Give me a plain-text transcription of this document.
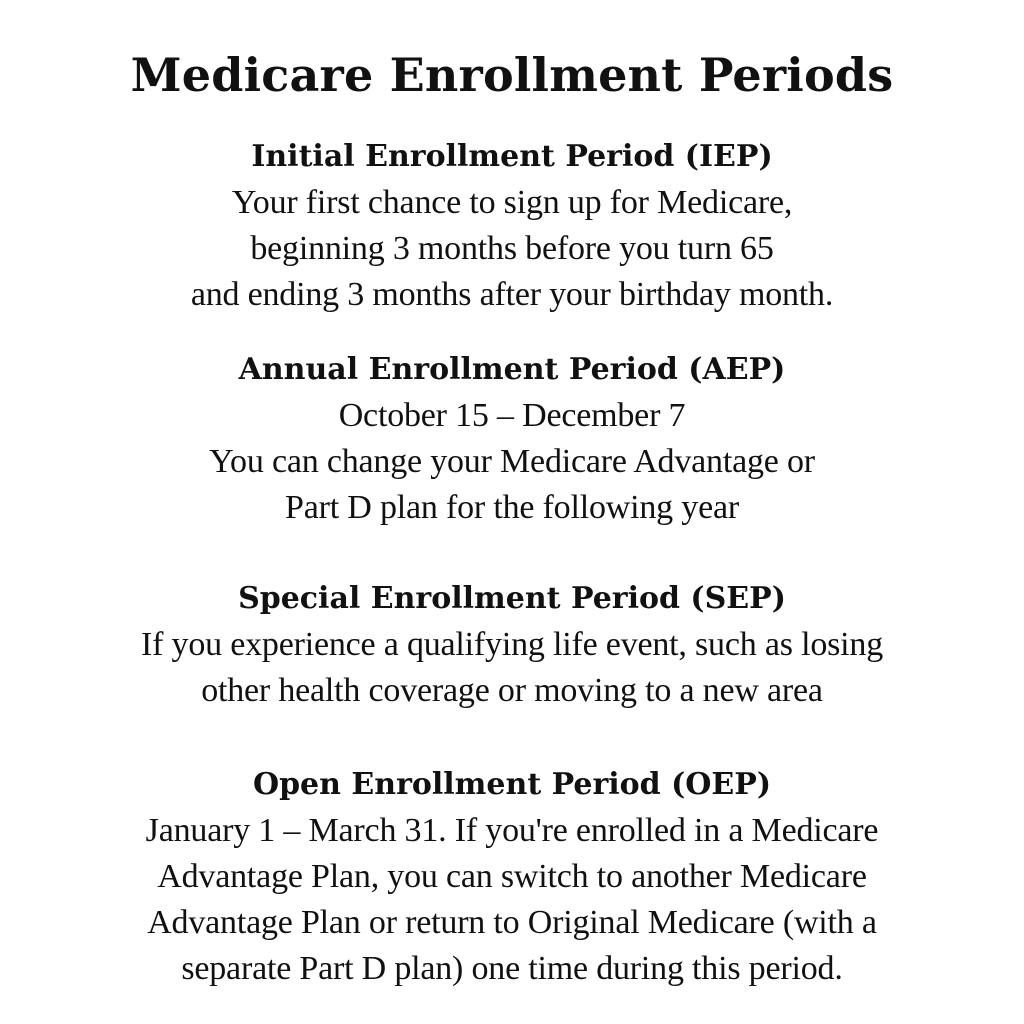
Medicare Enrollment Periods
Initial Enrollment Period (IEP)
Your first chance to sign up for Medicare,
beginning 3 months before you turn 65
and ending 3 months after your birthday month.
Annual Enrollment Period (AEP)
October 15 – December 7
You can change your Medicare Advantage or
Part D plan for the following year
Special Enrollment Period (SEP)
If you experience a qualifying life event, such as losing
other health coverage or moving to a new area
Open Enrollment Period (OEP)
January 1 – March 31. If you're enrolled in a Medicare
Advantage Plan, you can switch to another Medicare
Advantage Plan or return to Original Medicare (with a
separate Part D plan) one time during this period.
